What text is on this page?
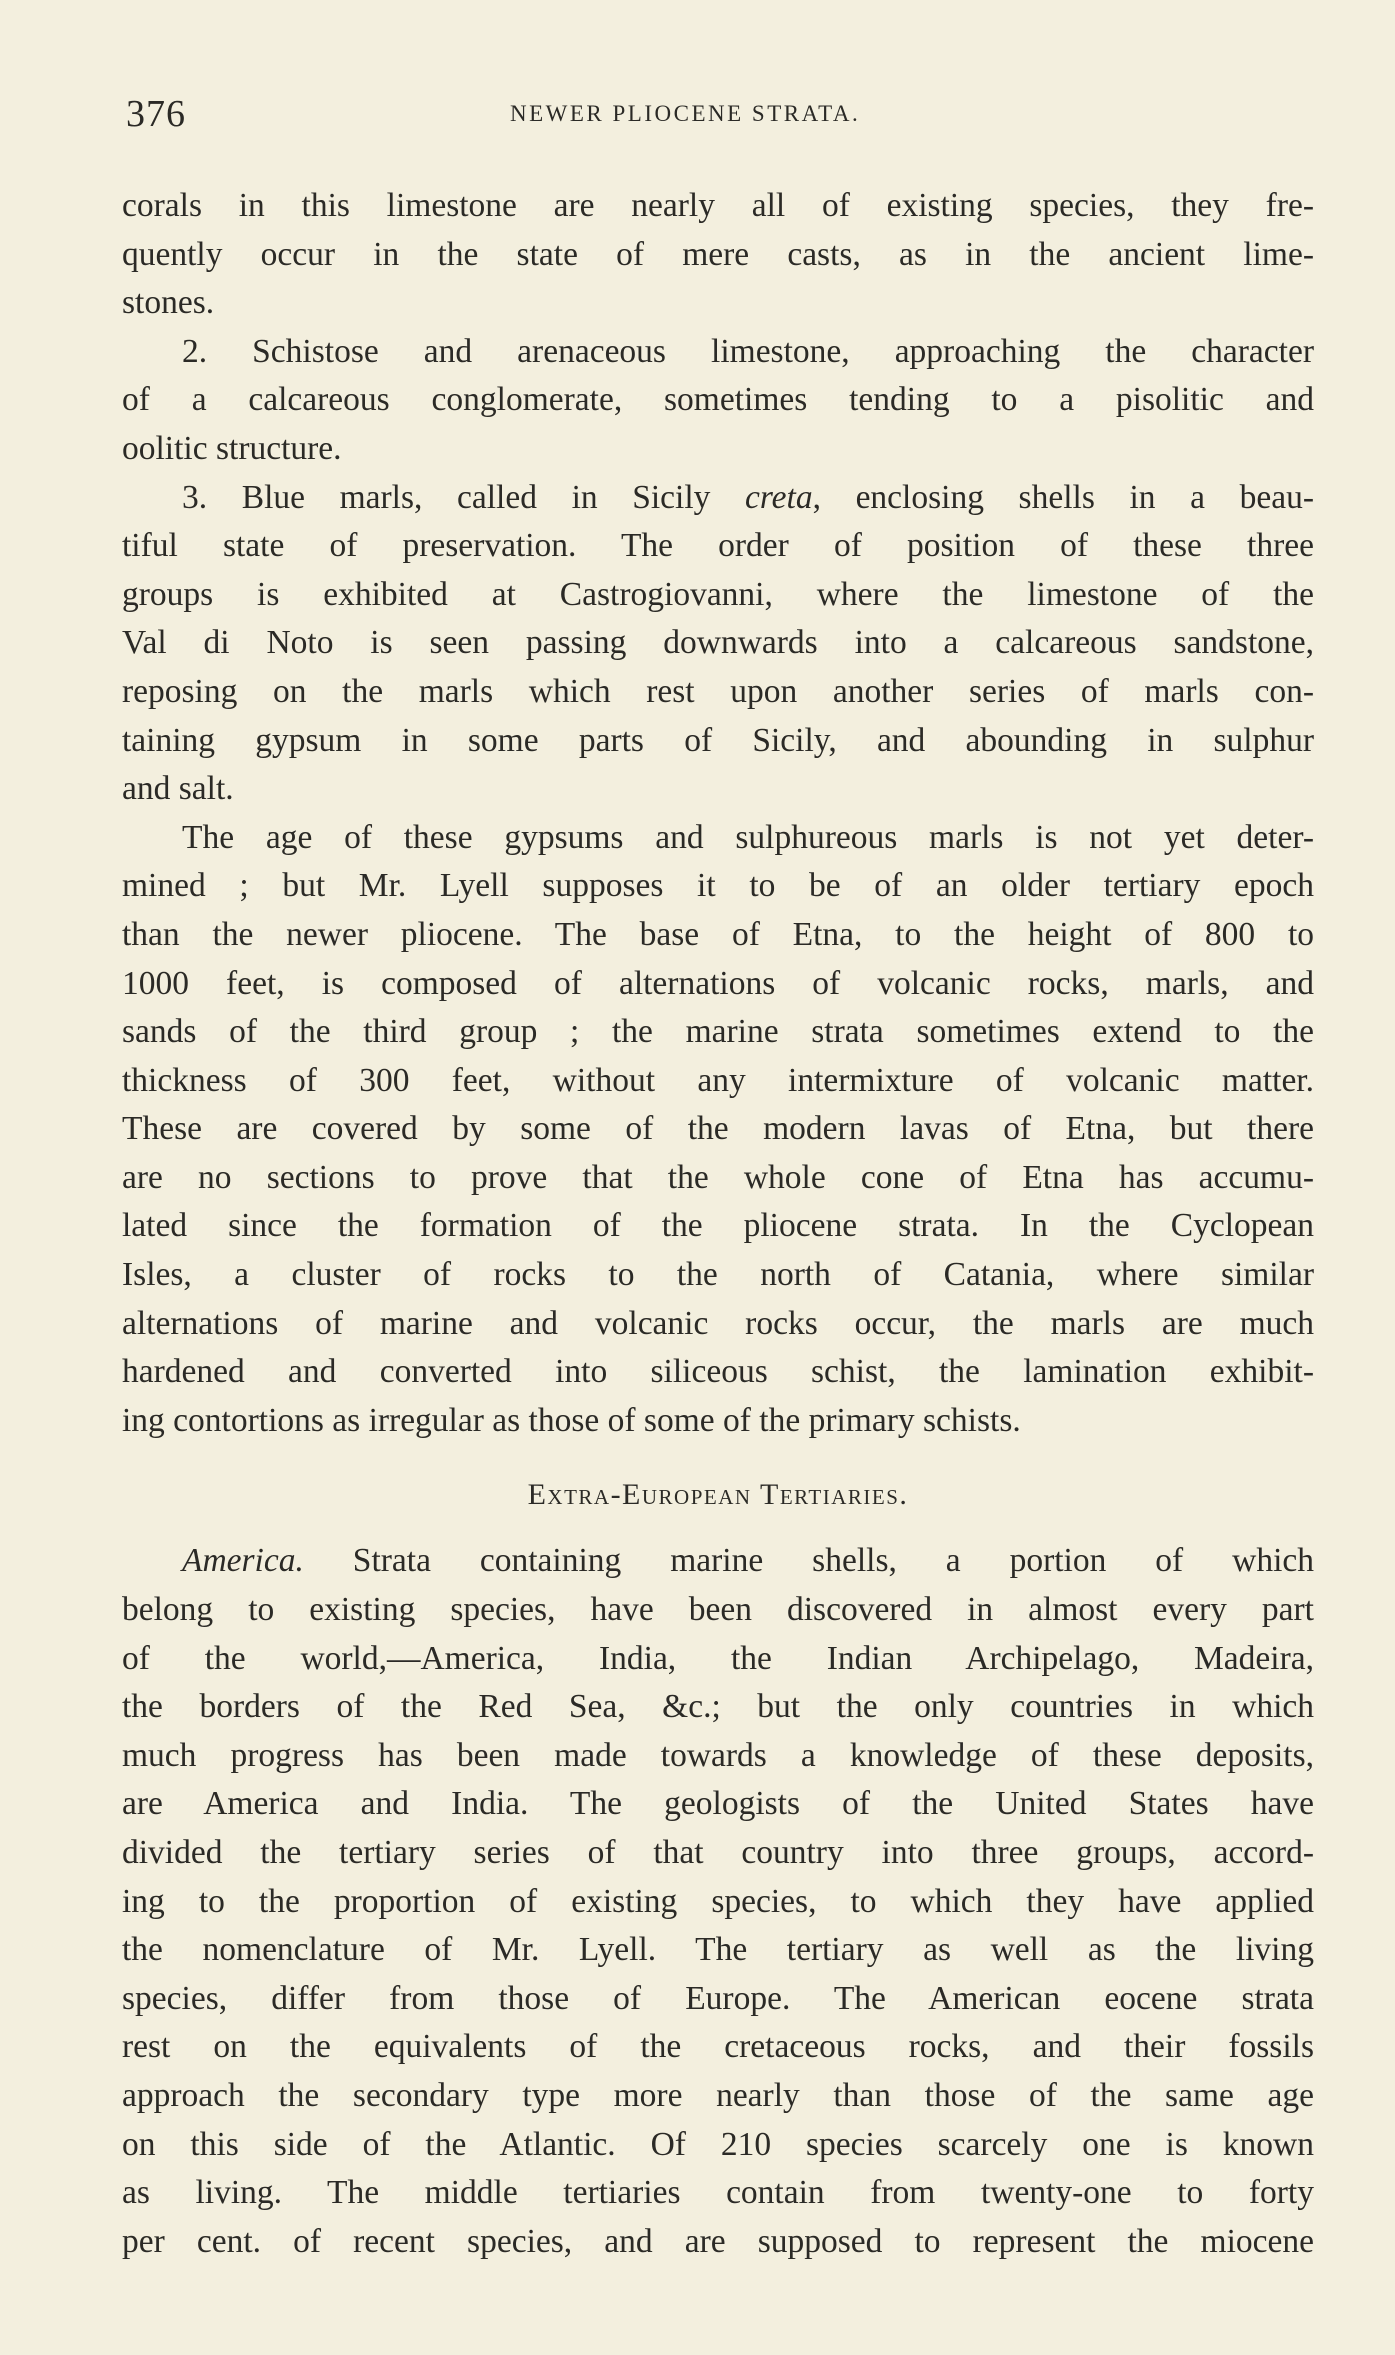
376	NEWER PLIOCENE STRATA.
corals in this limestone are nearly all of existing species, they fre-
quently occur in the state of mere casts, as in the ancient lime-
stones.
2. Schistose and arenaceous limestone, approaching the character
of a calcareous conglomerate, sometimes tending to a pisolitic and
oolitic structure.
3. Blue marls, called in Sicily creta, enclosing shells in a beau-
tiful state of preservation. The order of position of these three
groups is exhibited at Castrogiovanni, where the limestone of the
Val di Noto is seen passing downwards into a calcareous sandstone,
reposing on the marls which rest upon another series of marls con-
taining gypsum in some parts of Sicily, and abounding in sulphur
and salt.
The age of these gypsums and sulphureous marls is not yet deter-
mined ; but Mr. Lyell supposes it to be of an older tertiary epoch
than the newer pliocene. The base of Etna, to the height of 800 to
1000 feet, is composed of alternations of volcanic rocks, marls, and
sands of the third group ; the marine strata sometimes extend to the
thickness of 300 feet, without any intermixture of volcanic matter.
These are covered by some of the modern lavas of Etna, but there
are no sections to prove that the whole cone of Etna has accumu-
lated since the formation of the pliocene strata. In the Cyclopean
Isles, a cluster of rocks to the north of Catania, where similar
alternations of marine and volcanic rocks occur, the marls are much
hardened and converted into siliceous schist, the lamination exhibit-
ing contortions as irregular as those of some of the primary schists.
Extra-European Tertiaries.
America. Strata containing marine shells, a portion of which
belong to existing species, have been discovered in almost every part
of the world,—America, India, the Indian Archipelago, Madeira,
the borders of the Red Sea, &c.; but the only countries in which
much progress has been made towards a knowledge of these deposits,
are America and India. The geologists of the United States have
divided the tertiary series of that country into three groups, accord-
ing to the proportion of existing species, to which they have applied
the nomenclature of Mr. Lyell. The tertiary as well as the living
species, differ from those of Europe. The American eocene strata
rest on the equivalents of the cretaceous rocks, and their fossils
approach the secondary type more nearly than those of the same age
on this side of the Atlantic. Of 210 species scarcely one is known
as living. The middle tertiaries contain from twenty-one to forty
per cent. of recent species, and are supposed to represent the miocene
